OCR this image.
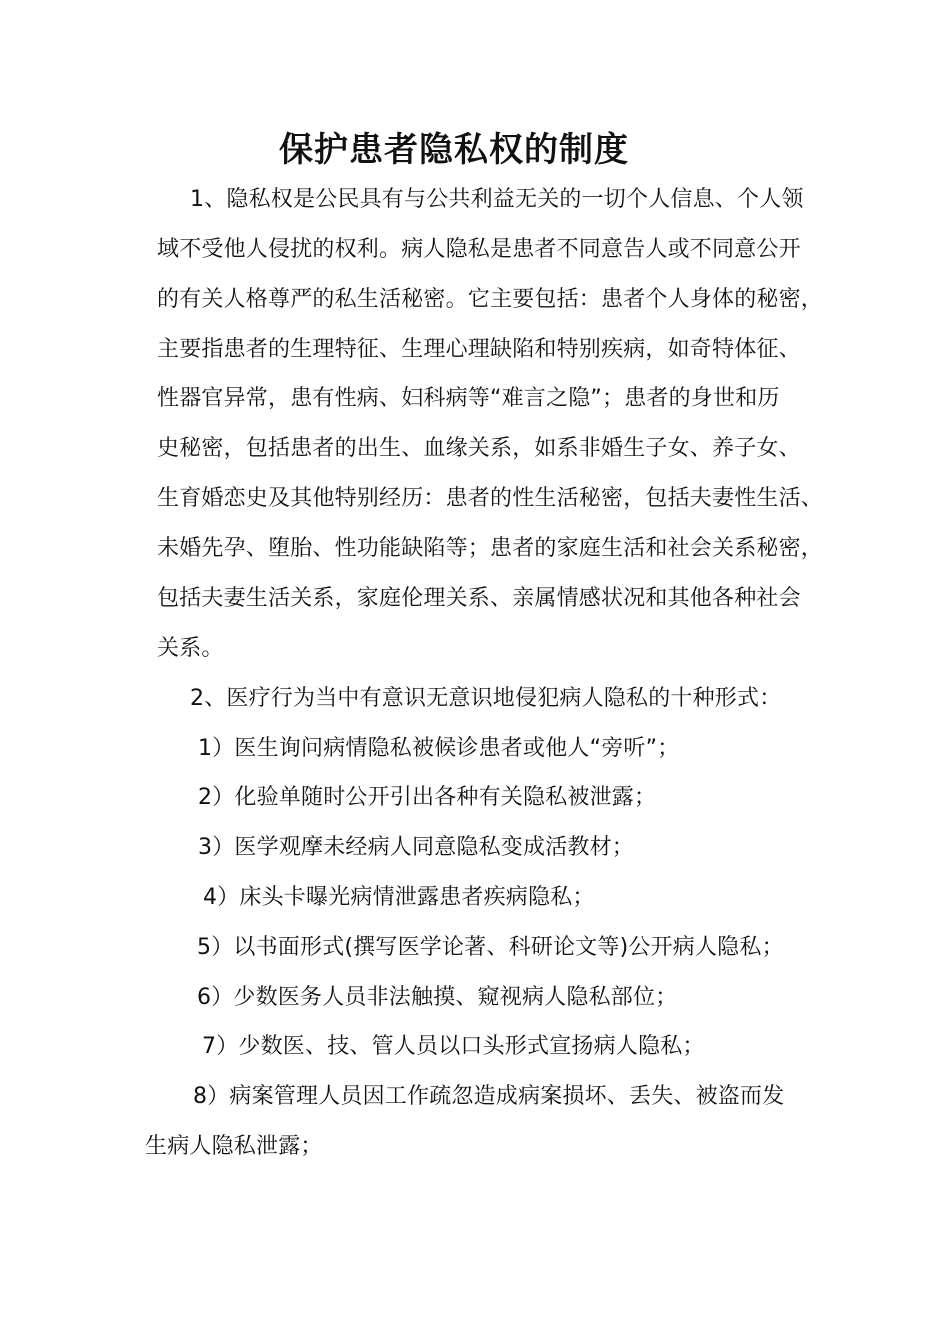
保护患者隐私权的制度
1、隐私权是公民具有与公共利益无关的一切个人信息、个人领
域不受他人侵扰的权利。病人隐私是患者不同意告人或不同意公开
的有关人格尊严的私生活秘密。它主要包括：患者个人身体的秘密，
主要指患者的生理特征、生理心理缺陷和特别疾病，如奇特体征、
性器官异常，患有性病、妇科病等“难言之隐”；患者的身世和历
史秘密，包括患者的出生、血缘关系，如系非婚生子女、养子女、
生育婚恋史及其他特别经历：患者的性生活秘密，包括夫妻性生活、
未婚先孕、堕胎、性功能缺陷等；患者的家庭生活和社会关系秘密，
包括夫妻生活关系，家庭伦理关系、亲属情感状况和其他各种社会
关系。
2、医疗行为当中有意识无意识地侵犯病人隐私的十种形式：
1）医生询问病情隐私被候诊患者或他人“旁听”；
2）化验单随时公开引出各种有关隐私被泄露；
3）医学观摩未经病人同意隐私变成活教材；
4）床头卡曝光病情泄露患者疾病隐私；
5）以书面形式(撰写医学论著、科研论文等)公开病人隐私；
6）少数医务人员非法触摸、窥视病人隐私部位；
7）少数医、技、管人员以口头形式宣扬病人隐私；
8）病案管理人员因工作疏忽造成病案损坏、丢失、被盗而发
生病人隐私泄露；
